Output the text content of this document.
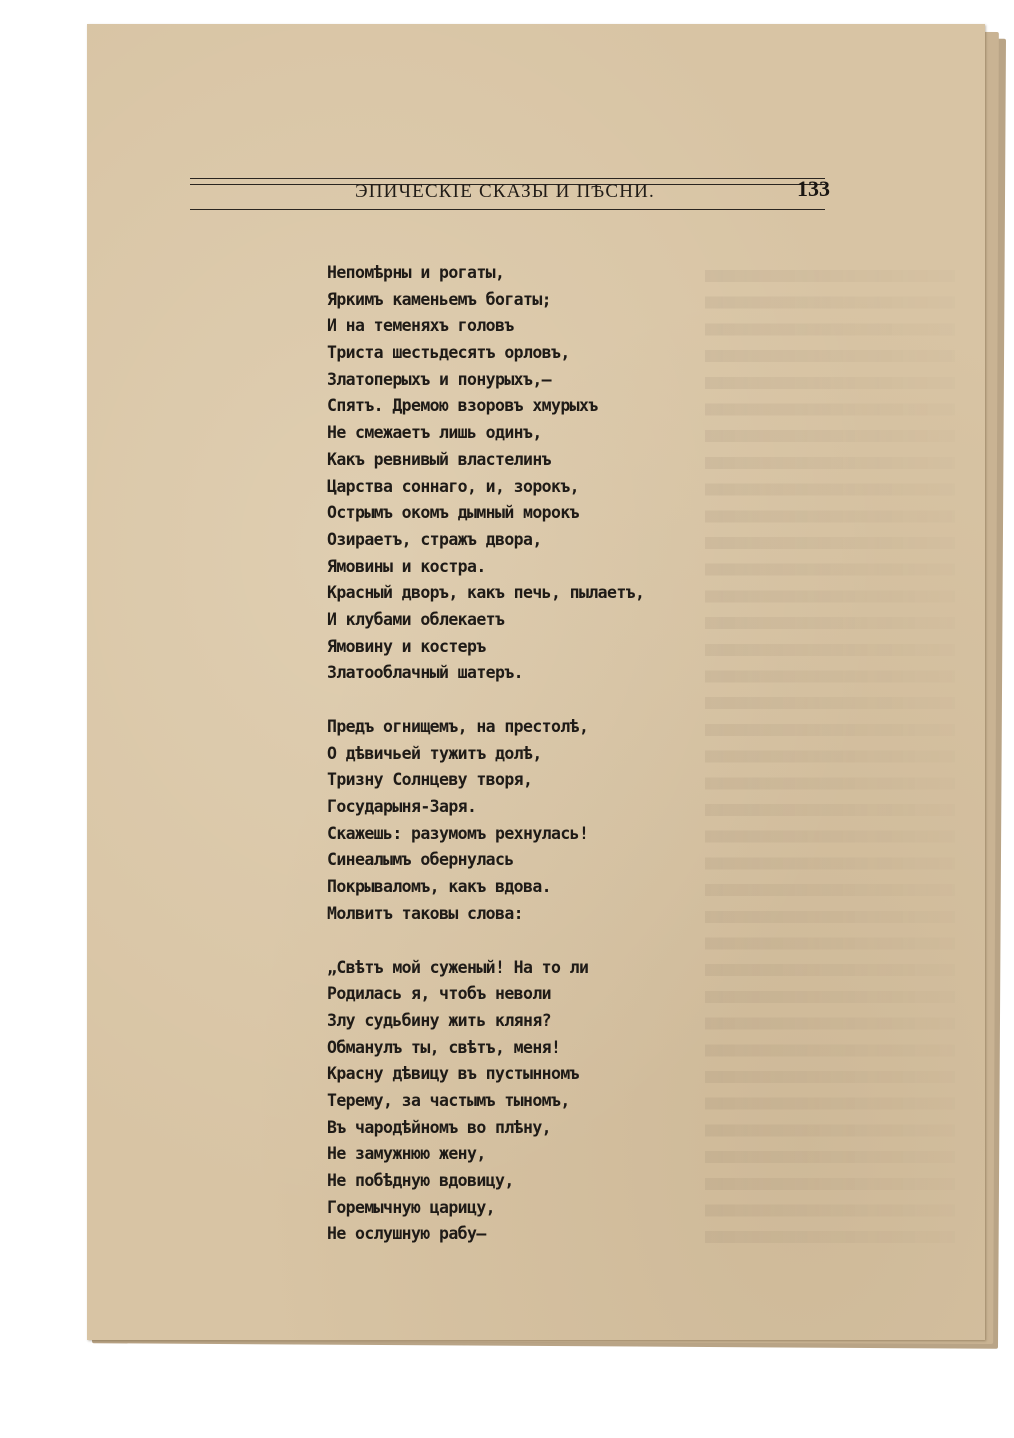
ЭПИЧЕСКІЕ СКАЗЫ И ПѢСНИ.	133
Непомѣрны и рогаты,
Яркимъ каменьемъ богаты;
И на теменяхъ головъ
Триста шестьдесятъ орловъ,
Златоперыхъ и понурыхъ,—
Спятъ. Дремою взоровъ хмурыхъ
Не смежаетъ лишь одинъ,
Какъ ревнивый властелинъ
Царства соннаго, и, зорокъ,
Острымъ окомъ дымный морокъ
Озираетъ, стражъ двора,
Ямовины и костра.
Красный дворъ, какъ печь, пылаетъ,
И клубами облекаетъ
Ямовину и костеръ
Златооблачный шатеръ.
Предъ огнищемъ, на престолѣ,
О дѣвичьей тужитъ долѣ,
Тризну Солнцеву творя,
Государыня-Заря.
Скажешь: разумомъ рехнулась!
Синеалымъ обернулась
Покрываломъ, какъ вдова.
Молвитъ таковы слова:
„Свѣтъ мой суженый! На то ли
Родилась я, чтобъ неволи
Злу судьбину жить кляня?
Обманулъ ты, свѣтъ, меня!
Красну дѣвицу въ пустынномъ
Терему, за частымъ тыномъ,
Въ чародѣйномъ во плѣну,
Не замужнюю жену,
Не побѣдную вдовицу,
Горемычную царицу,
Не ослушную рабу—
